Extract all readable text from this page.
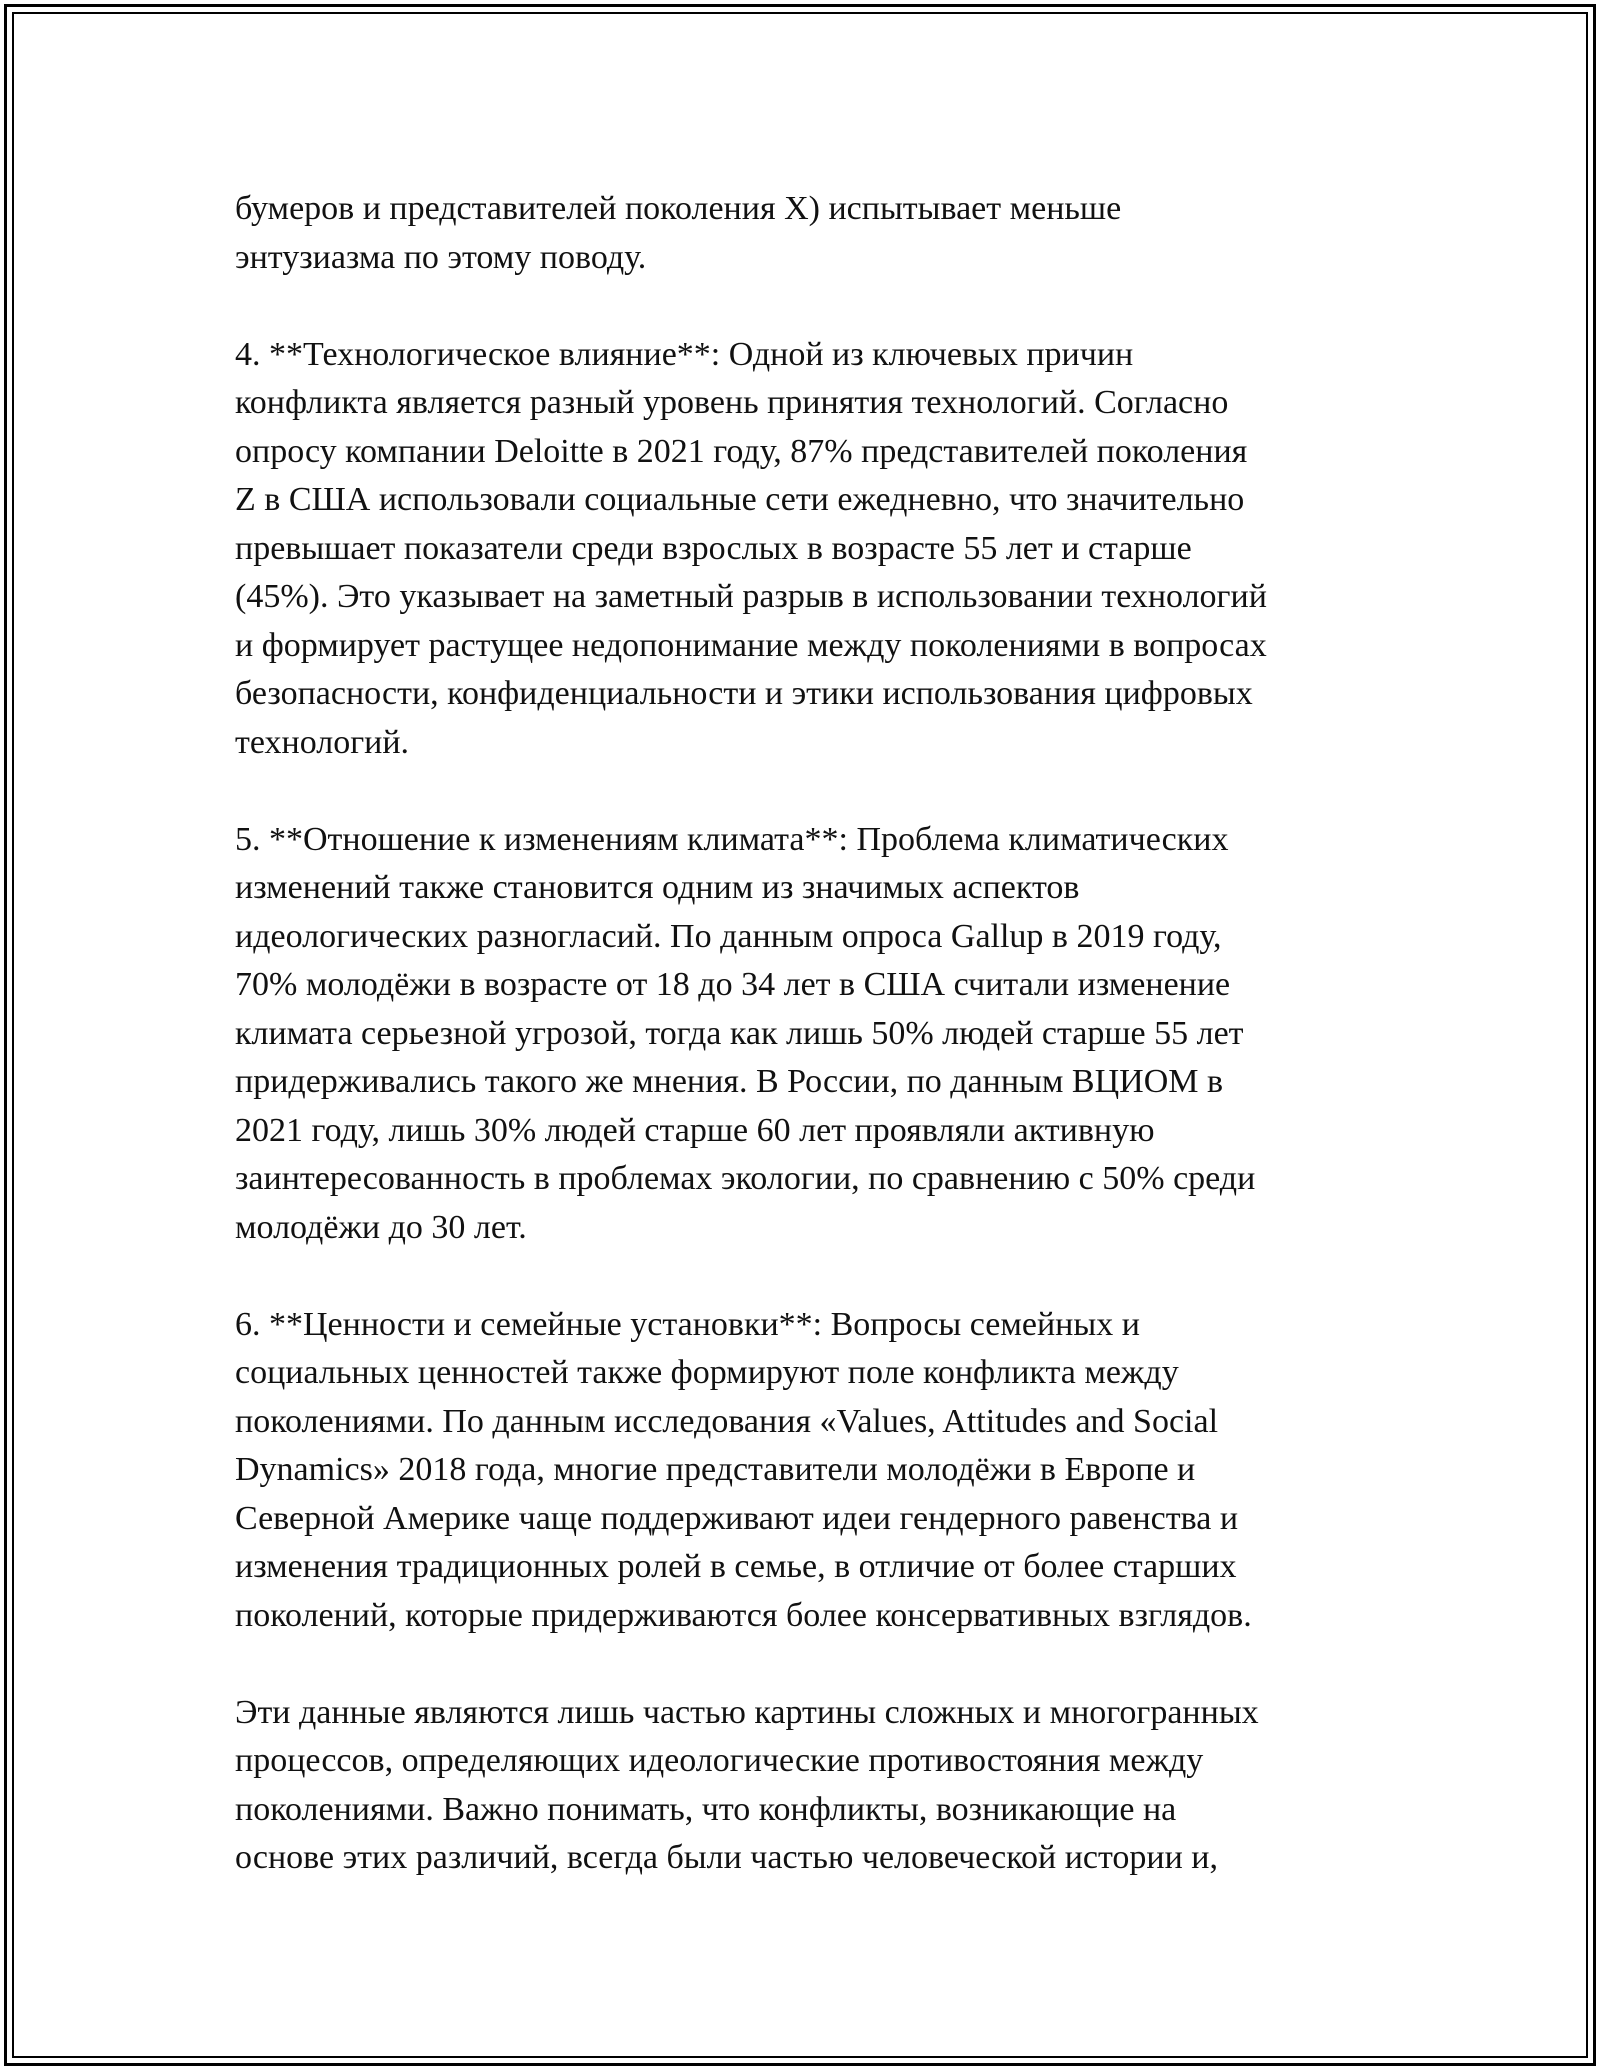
бумеров и представителей поколения X) испытывает меньше
энтузиазма по этому поводу.

4. **Технологическое влияние**: Одной из ключевых причин
конфликта является разный уровень принятия технологий. Согласно
опросу компании Deloitte в 2021 году, 87% представителей поколения
Z в США использовали социальные сети ежедневно, что значительно
превышает показатели среди взрослых в возрасте 55 лет и старше
(45%). Это указывает на заметный разрыв в использовании технологий
и формирует растущее недопонимание между поколениями в вопросах
безопасности, конфиденциальности и этики использования цифровых
технологий.

5. **Отношение к изменениям климата**: Проблема климатических
изменений также становится одним из значимых аспектов
идеологических разногласий. По данным опроса Gallup в 2019 году,
70% молодёжи в возрасте от 18 до 34 лет в США считали изменение
климата серьезной угрозой, тогда как лишь 50% людей старше 55 лет
придерживались такого же мнения. В России, по данным ВЦИОМ в
2021 году, лишь 30% людей старше 60 лет проявляли активную
заинтересованность в проблемах экологии, по сравнению с 50% среди
молодёжи до 30 лет.

6. **Ценности и семейные установки**: Вопросы семейных и
социальных ценностей также формируют поле конфликта между
поколениями. По данным исследования «Values, Attitudes and Social
Dynamics» 2018 года, многие представители молодёжи в Европе и
Северной Америке чаще поддерживают идеи гендерного равенства и
изменения традиционных ролей в семье, в отличие от более старших
поколений, которые придерживаются более консервативных взглядов.

Эти данные являются лишь частью картины сложных и многогранных
процессов, определяющих идеологические противостояния между
поколениями. Важно понимать, что конфликты, возникающие на
основе этих различий, всегда были частью человеческой истории и,
